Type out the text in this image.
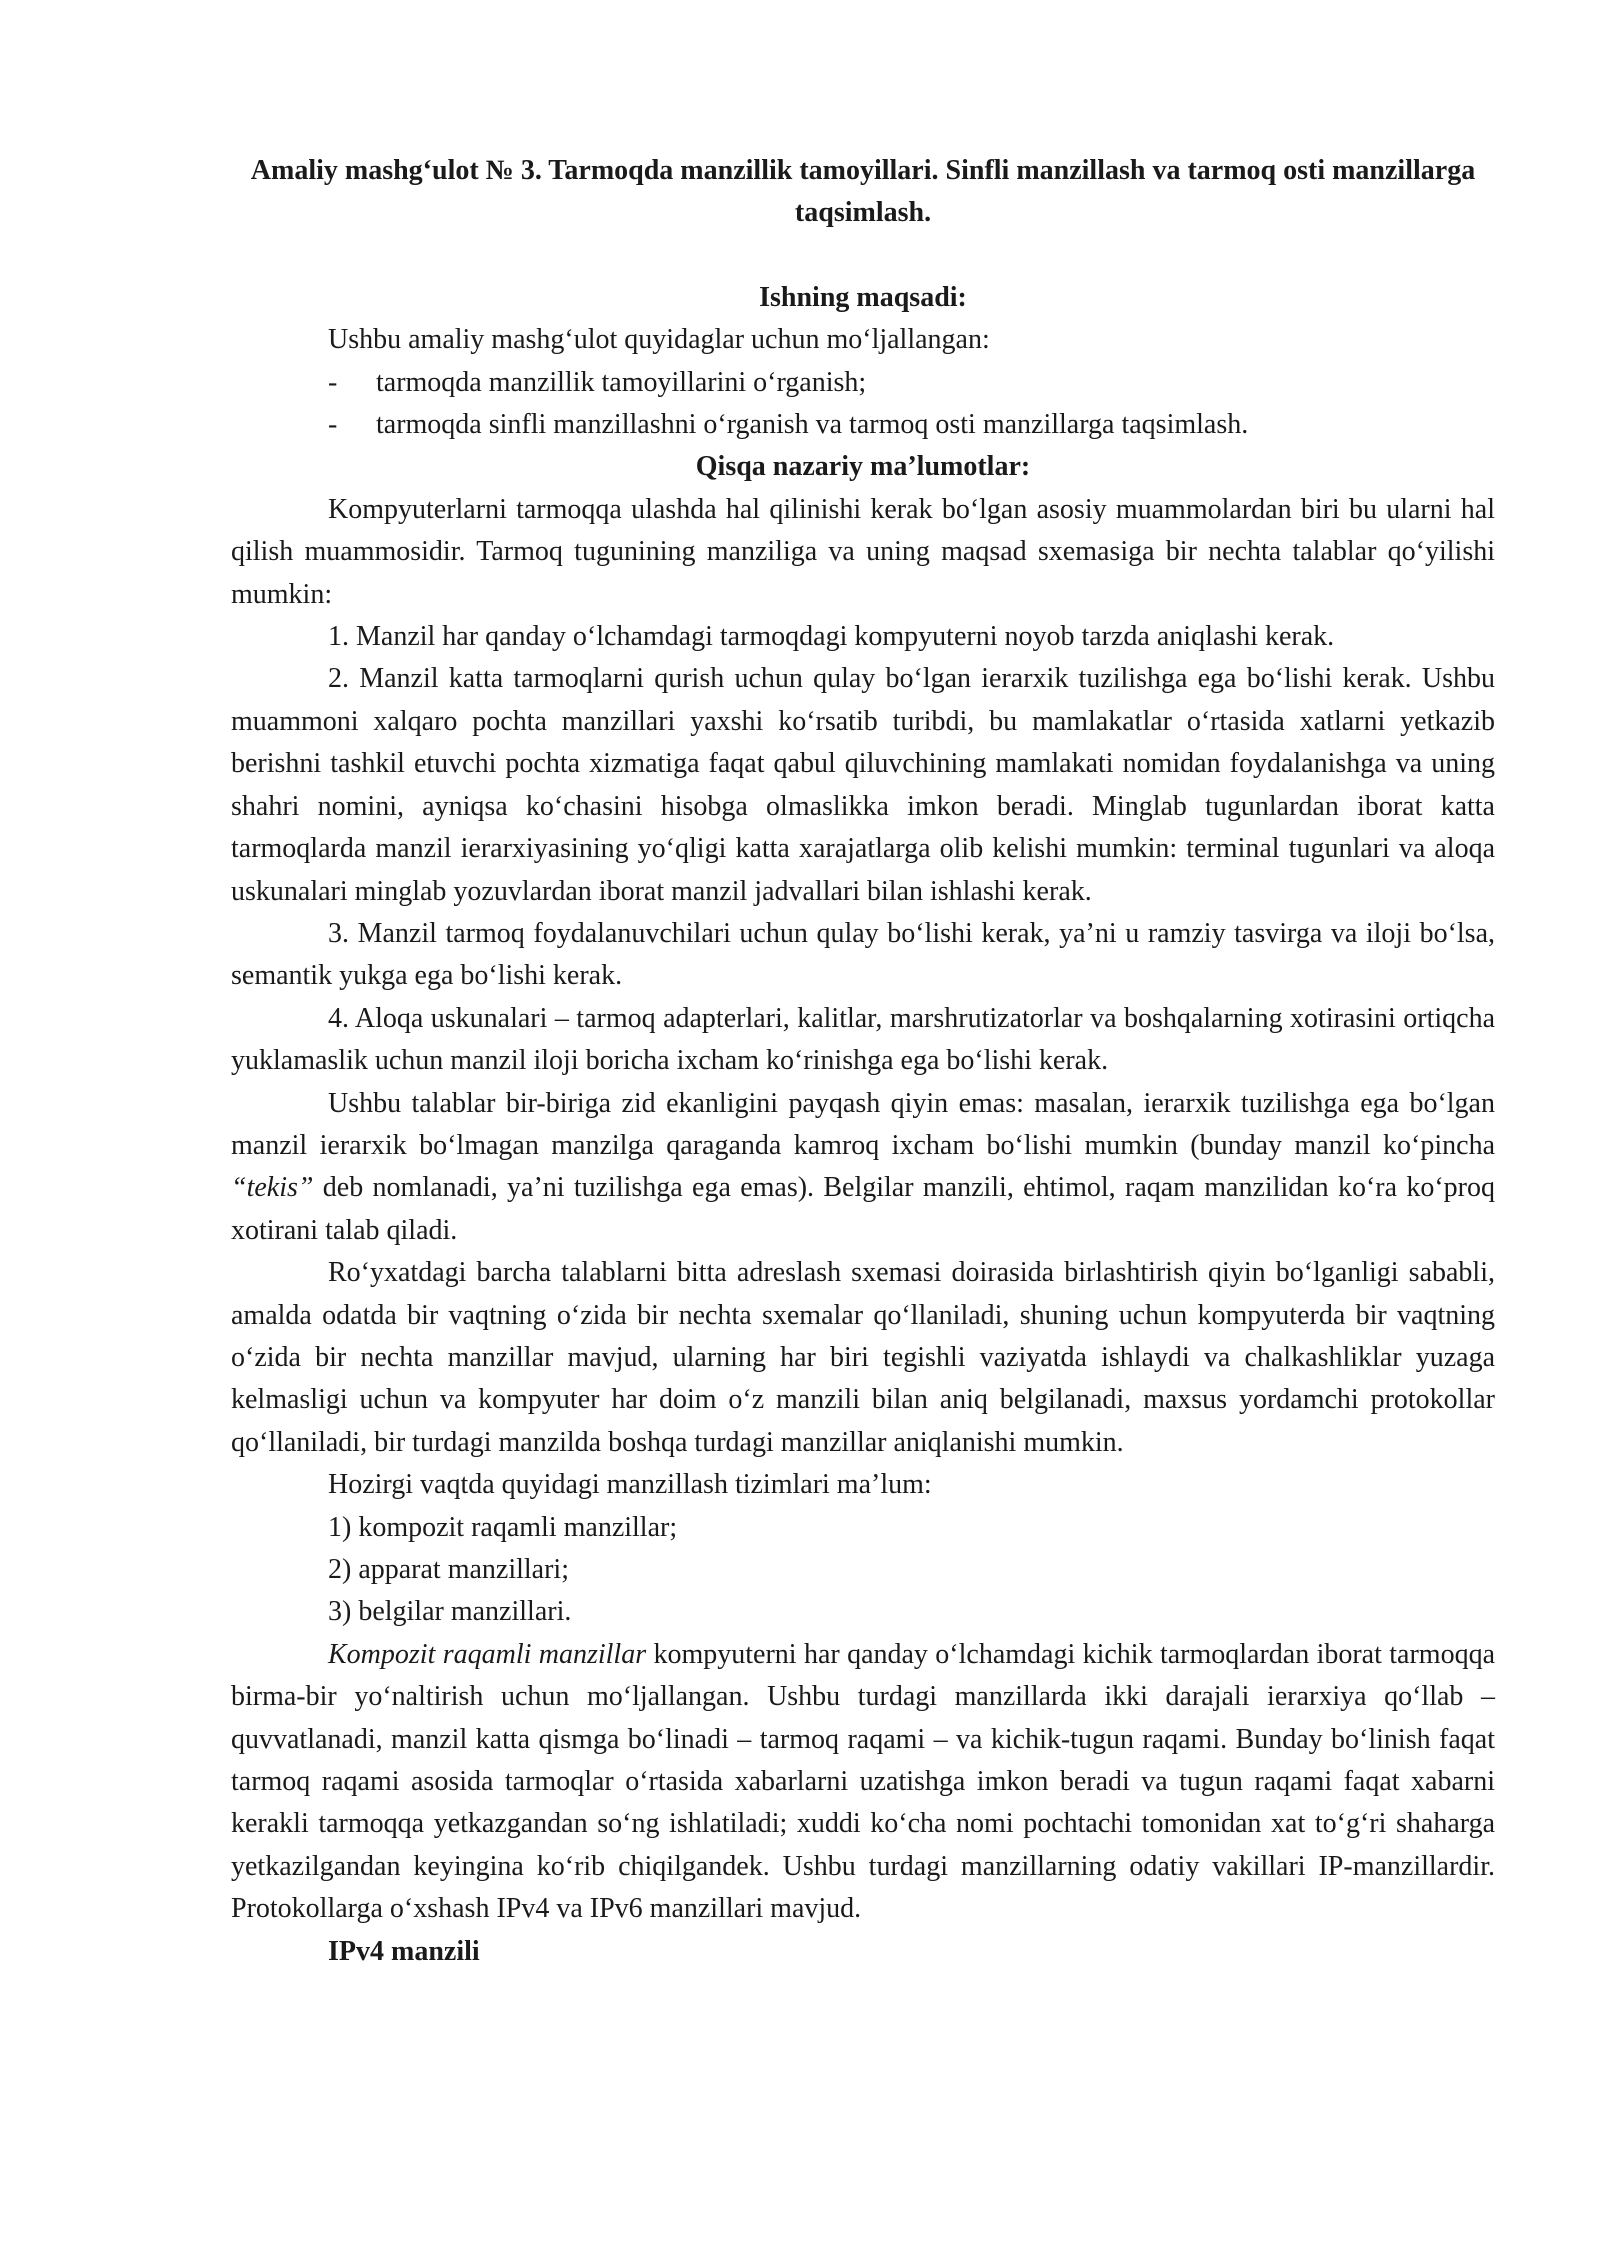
Amaliy mashg‘ulot № 3. Tarmoqda manzillik tamoyillari. Sinfli manzillash va tarmoq osti manzillarga taqsimlash.

Ishning maqsadi:

Ushbu amaliy mashg‘ulot quyidaglar uchun mo‘ljallangan:

-	tarmoqda manzillik tamoyillarini o‘rganish;
-	tarmoqda sinfli manzillashni o‘rganish va tarmoq osti manzillarga taqsimlash.

Qisqa nazariy ma’lumotlar:

Kompyuterlarni tarmoqqa ulashda hal qilinishi kerak bo‘lgan asosiy muammolardan biri bu ularni hal qilish muammosidir. Tarmoq tugunining manziliga va uning maqsad sxemasiga bir nechta talablar qo‘yilishi mumkin:

1. Manzil har qanday o‘lchamdagi tarmoqdagi kompyuterni noyob tarzda aniqlashi kerak.

2. Manzil katta tarmoqlarni qurish uchun qulay bo‘lgan ierarxik tuzilishga ega bo‘lishi kerak. Ushbu muammoni xalqaro pochta manzillari yaxshi ko‘rsatib turibdi, bu mamlakatlar o‘rtasida xatlarni yetkazib berishni tashkil etuvchi pochta xizmatiga faqat qabul qiluvchining mamlakati nomidan foydalanishga va uning shahri nomini, ayniqsa ko‘chasini hisobga olmaslikka imkon beradi. Minglab tugunlardan iborat katta tarmoqlarda manzil ierarxiyasining yo‘qligi katta xarajatlarga olib kelishi mumkin: terminal tugunlari va aloqa uskunalari minglab yozuvlardan iborat manzil jadvallari bilan ishlashi kerak.

3. Manzil tarmoq foydalanuvchilari uchun qulay bo‘lishi kerak, ya’ni u ramziy tasvirga va iloji bo‘lsa, semantik yukga ega bo‘lishi kerak.

4. Aloqa uskunalari – tarmoq adapterlari, kalitlar, marshrutizatorlar va boshqalarning xotirasini ortiqcha yuklamaslik uchun manzil iloji boricha ixcham ko‘rinishga ega bo‘lishi kerak.

Ushbu talablar bir-biriga zid ekanligini payqash qiyin emas: masalan, ierarxik tuzilishga ega bo‘lgan manzil ierarxik bo‘lmagan manzilga qaraganda kamroq ixcham bo‘lishi mumkin (bunday manzil ko‘pincha “tekis” deb nomlanadi, ya’ni tuzilishga ega emas). Belgilar manzili, ehtimol, raqam manzilidan ko‘ra ko‘proq xotirani talab qiladi.

Ro‘yxatdagi barcha talablarni bitta adreslash sxemasi doirasida birlashtirish qiyin bo‘lganligi sababli, amalda odatda bir vaqtning o‘zida bir nechta sxemalar qo‘llaniladi, shuning uchun kompyuterda bir vaqtning o‘zida bir nechta manzillar mavjud, ularning har biri tegishli vaziyatda ishlaydi va chalkashliklar yuzaga kelmasligi uchun va kompyuter har doim o‘z manzili bilan aniq belgilanadi, maxsus yordamchi protokollar qo‘llaniladi, bir turdagi manzilda boshqa turdagi manzillar aniqlanishi mumkin.

Hozirgi vaqtda quyidagi manzillash tizimlari ma’lum:

1) kompozit raqamli manzillar;

2) apparat manzillari;

3) belgilar manzillari.

Kompozit raqamli manzillar kompyuterni har qanday o‘lchamdagi kichik tarmoqlardan iborat tarmoqqa birma-bir yo‘naltirish uchun mo‘ljallangan. Ushbu turdagi manzillarda ikki darajali ierarxiya qo‘llab – quvvatlanadi, manzil katta qismga bo‘linadi – tarmoq raqami – va kichik-tugun raqami. Bunday bo‘linish faqat tarmoq raqami asosida tarmoqlar o‘rtasida xabarlarni uzatishga imkon beradi va tugun raqami faqat xabarni kerakli tarmoqqa yetkazgandan so‘ng ishlatiladi; xuddi ko‘cha nomi pochtachi tomonidan xat to‘g‘ri shaharga yetkazilgandan keyingina ko‘rib chiqilgandek. Ushbu turdagi manzillarning odatiy vakillari IP-manzillardir. Protokollarga o‘xshash IPv4 va IPv6 manzillari mavjud.

IPv4 manzili
